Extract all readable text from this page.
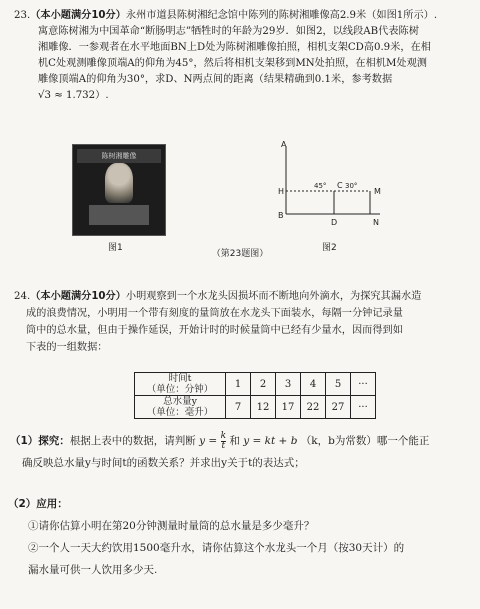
23.（本小题满分10分）永州市道县陈树湘纪念馆中陈列的陈树湘雕像高2.9米（如图1所示）.

寓意陈树湘为中国革命“断肠明志”牺牲时的年龄为29岁．如图2，以线段AB代表陈树

湘雕像．一参观者在水平地面BN上D处为陈树湘雕像拍照，相机支架CD高0.9米，在相

机C处观测雕像顶端A的仰角为45°，然后将相机支架移到MN处拍照，在相机M处观测

雕像顶端A的仰角为30°，求D、N两点间的距离（结果精确到0.1米，参考数据

√3 ≈ 1.732）.

陈树湘雕像
图1
A
H
B
C
D
M
N
45°	30°
图2
（第23题图）

24.（本小题满分10分）小明观察到一个水龙头因损坏而不断地向外滴水，为探究其漏水造

成的浪费情况，小明用一个带有刻度的量筒放在水龙头下面装水，每隔一分钟记录量

筒中的总水量，但由于操作延误，开始计时的时候量筒中已经有少量水，因而得到如

下表的一组数据：

时间t
（单位：分钟）	1	2	3	4	5	···

总水量y
（单位：毫升）	7	12	17	22	27	···

（1）探究：根据上表中的数据，请判断 $y = \frac{k}{t}$ 和 y = kt + b （k，b为常数）哪一个能正

确反映总水量y与时间t的函数关系？并求出y关于t的表达式；

（2）应用：

①请你估算小明在第20分钟测量时量筒的总水量是多少毫升？

②一个人一天大约饮用1500毫升水，请你估算这个水龙头一个月（按30天计）的

漏水量可供一人饮用多少天.
